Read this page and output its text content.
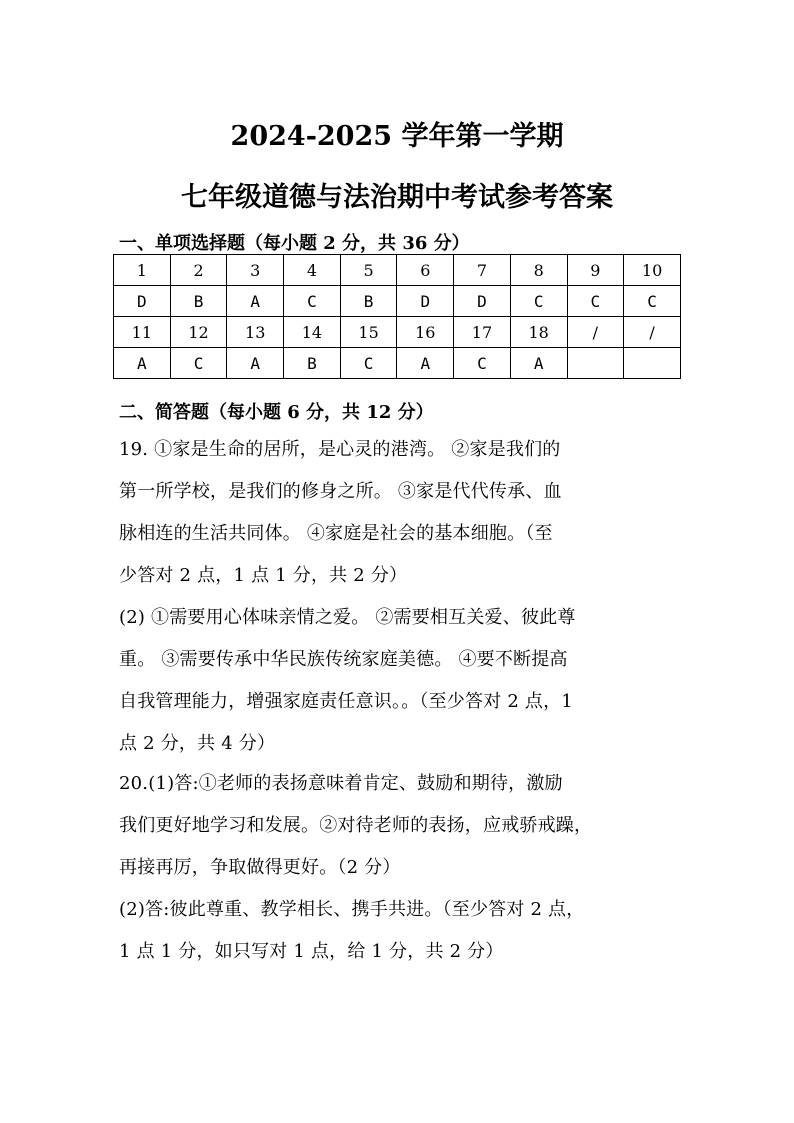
2024-2025 学年第一学期
七年级道德与法治期中考试参考答案
一、单项选择题（每小题 2 分，共 36 分）
1	2	3	4	5	6	7	8	9	10
D	B	A	C	B	D	D	C	C	C
11	12	13	14	15	16	17	18	/	/
A	C	A	B	C	A	C	A		
二、简答题（每小题 6 分，共 12 分）
19. ①家是生命的居所，是心灵的港湾。 ②家是我们的
第一所学校，是我们的修身之所。 ③家是代代传承、血
脉相连的生活共同体。 ④家庭是社会的基本细胞。（至
少答对 2 点，1 点 1 分，共 2 分）
(2) ①需要用心体味亲情之爱。 ②需要相互关爱、彼此尊
重。 ③需要传承中华民族传统家庭美德。 ④要不断提高
自我管理能力，增强家庭责任意识。。（至少答对 2 点，1
点 2 分，共 4 分）
20.(1)答:①老师的表扬意味着肯定、鼓励和期待，激励
我们更好地学习和发展。②对待老师的表扬，应戒骄戒躁，
再接再厉，争取做得更好。（2 分）
(2)答:彼此尊重、教学相长、携手共进。（至少答对 2 点，
1 点 1 分，如只写对 1 点，给 1 分，共 2 分）
